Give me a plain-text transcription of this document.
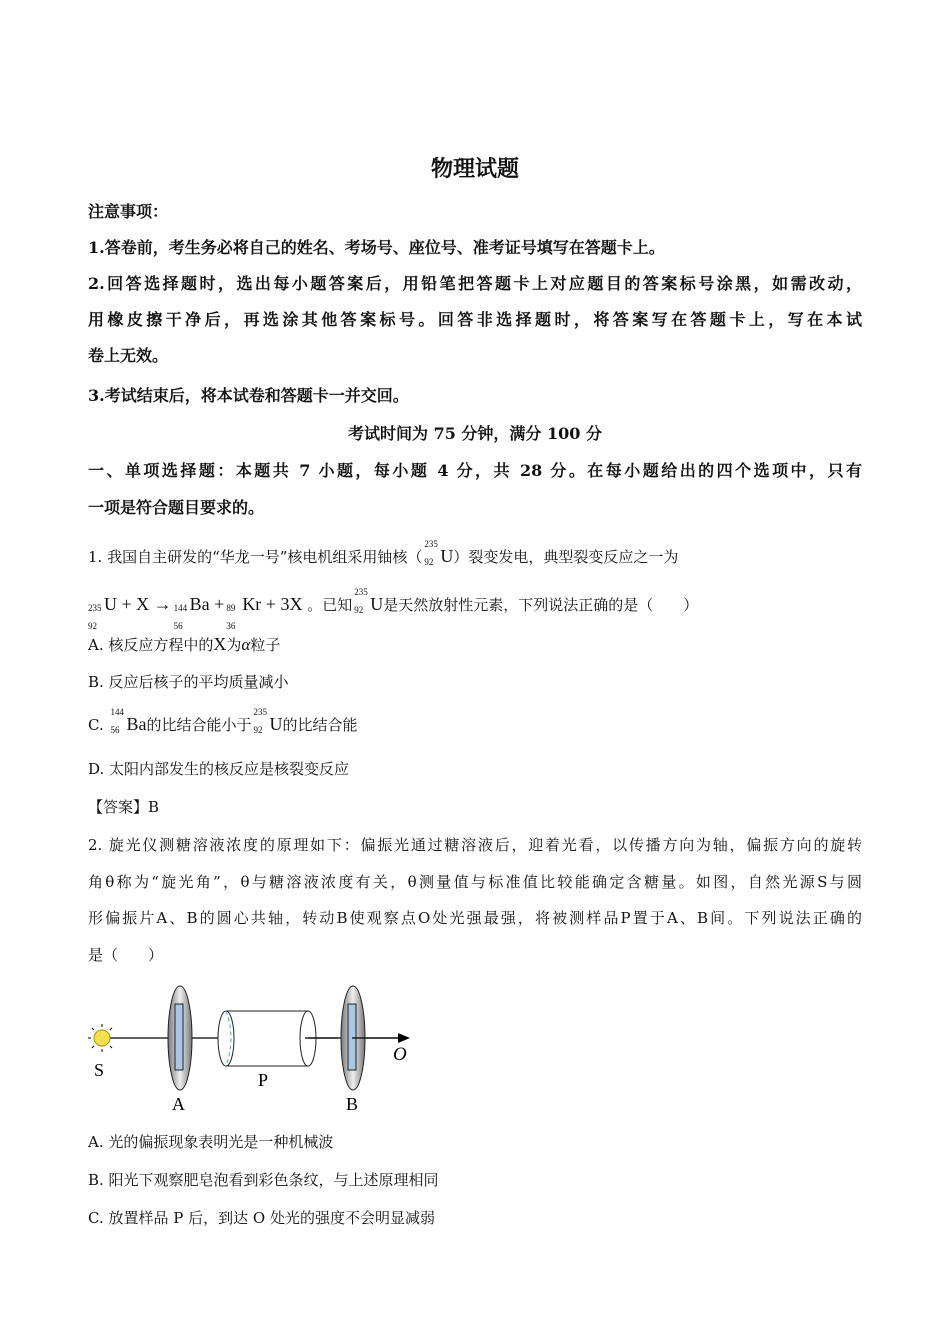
物理试题
注意事项：
1.答卷前，考生务必将自己的姓名、考场号、座位号、准考证号填写在答题卡上。
2.回答选择题时，选出每小题答案后，用铅笔把答题卡上对应题目的答案标号涂黑，如需改动，
用橡皮擦干净后，再选涂其他答案标号。回答非选择题时，将答案写在答题卡上，写在本试
卷上无效。
3.考试结束后，将本试卷和答题卡一并交回。
考试时间为 75 分钟，满分 100 分
一、单项选择题：本题共 7 小题，每小题 4 分，共 28 分。在每小题给出的四个选项中，只有
一项是符合题目要求的。
1. 我国自主研发的“华龙一号”核电机组采用铀核（
235
92 U）裂变发电，典型裂变反应之一为
235
92
U + X → 144
56
Ba + 89
36
Kr + 3X 。已知
235
92 U是天然放射性元素，下列说法正确的是（　　）
A. 核反应方程中的X为α粒子
B. 反应后核子的平均质量减小
C.
144
56 Ba的比结合能小于
235
92 U的比结合能
D. 太阳内部发生的核反应是核裂变反应
【答案】B
2. 旋光仪测糖溶液浓度的原理如下：偏振光通过糖溶液后，迎着光看，以传播方向为轴，偏振方向的旋转
角θ称为“旋光角”，θ与糖溶液浓度有关，θ测量值与标准值比较能确定含糖量。如图，自然光源S与圆
形偏振片A、B的圆心共轴，转动B使观察点O处光强最强，将被测样品P置于A、B间。下列说法正确的
是（　　）
S
A
P
B
O
A. 光的偏振现象表明光是一种机械波
B. 阳光下观察肥皂泡看到彩色条纹，与上述原理相同
C. 放置样品 P 后，到达 O 处光的强度不会明显减弱
